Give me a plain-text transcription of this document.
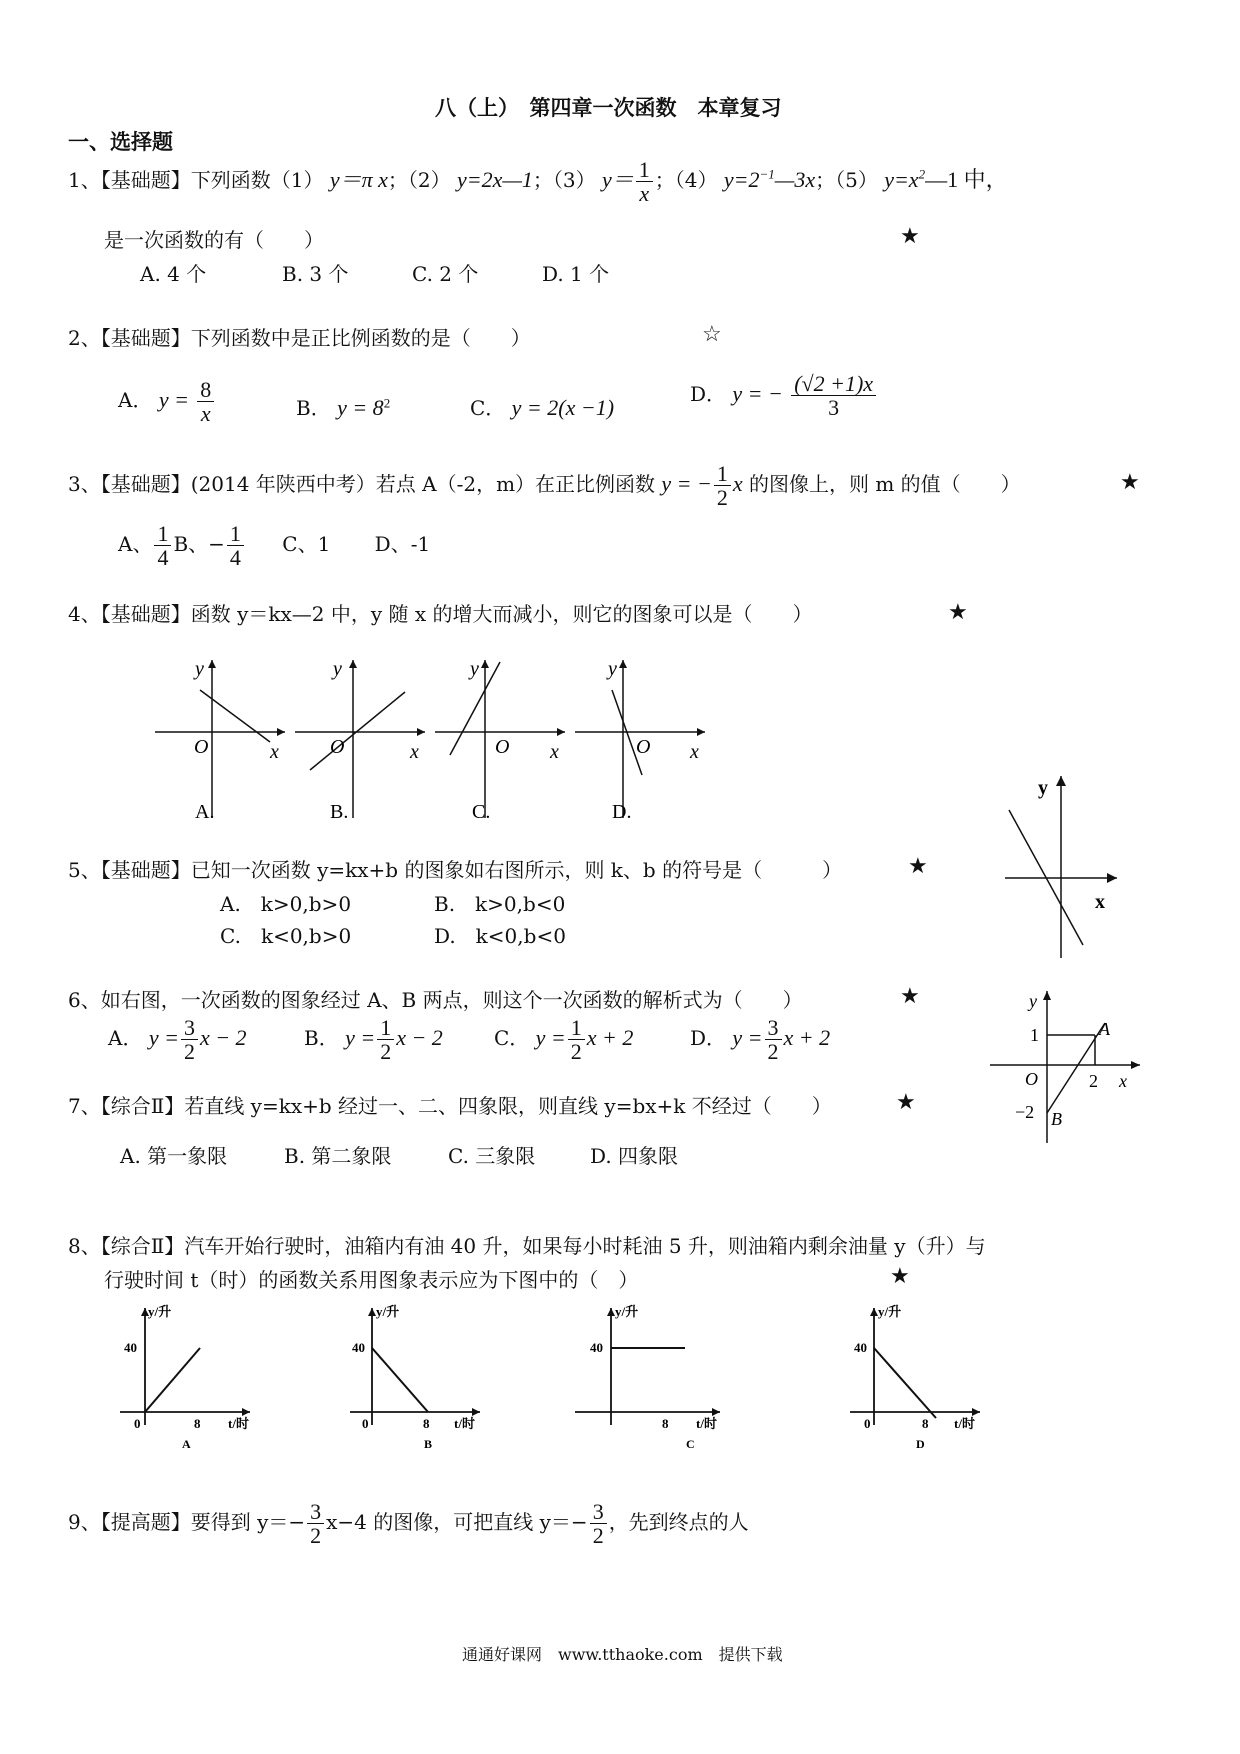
八（上）　第四章一次函数　本章复习
一、选择题
1、【基础题】下列函数（1） y＝π x；（2） y=2x—1；（3） $y= \frac{1}{x}$ ；（4） $y=2^{-1}—3x$；（5） $y=x^2—1$ 中，
是一次函数的有（　　）	★
A. 4 个	B. 3 个	C. 2 个	D. 1 个
2、【基础题】下列函数中是正比例函数的是（　　）	☆
A． $y = \frac{8}{x}$	B． $y = 8^2$	C． y = 2(x −1)
D． y = − $\frac{(√2 +1)x}{3}$
3、【基础题】(2014 年陕西中考）若点 A（-2，m）在正比例函数 y = − $\frac{1}{2}$ x 的图像上，则 m 的值（　　）	★
A、 $\frac{1}{4}$ B、− $\frac{1}{4}$ C、1 D、-1
4、【基础题】函数 y＝kx—2 中，y 随 x 的增大而减小，则它的图象可以是（　　）	★
y
O	x
A.
y
O	x
B.
y
O x
C.
y
O x
D.
y
x
5、【基础题】已知一次函数 y=kx+b 的图象如右图所示，则 k、b 的符号是（　　　）	★
A.　k>0,b>0	B.　k>0,b<0
C.　k<0,b>0	D.　k<0,b<0
6、如右图，一次函数的图象经过 A、B 两点，则这个一次函数的解析式为（　　）	★
A． $y = \frac{3}{2}$ x − 2	B． $y = \frac{1}{2}$ x − 2	C． $y = \frac{1}{2}$ x + 2	D． $y = \frac{3}{2}$ x + 2
y
1	A
O	2 x
−2 B
7、【综合Ⅱ】若直线 y=kx+b 经过一、二、四象限，则直线 y=bx+k 不经过（　　）	★
A. 第一象限	B. 第二象限	C. 三象限	D. 四象限
8、【综合Ⅱ】汽车开始行驶时，油箱内有油 40 升，如果每小时耗油 5 升，则油箱内剩余油量 y（升）与
行驶时间 t（时）的函数关系用图象表示应为下图中的（　）	★
y/升
40
0	8 t/时
A
y/升
40
0	8 t/时
B
y/升
40
8 t/时
C
y/升
40
0	8 t/时
D
9、【提高题】要得到 $y=- \frac{3}{2} x-4$ 的图像，可把直线 $y=- \frac{3}{2}$ ，先到终点的人
通通好课网　www.tthaoke.com　提供下载
